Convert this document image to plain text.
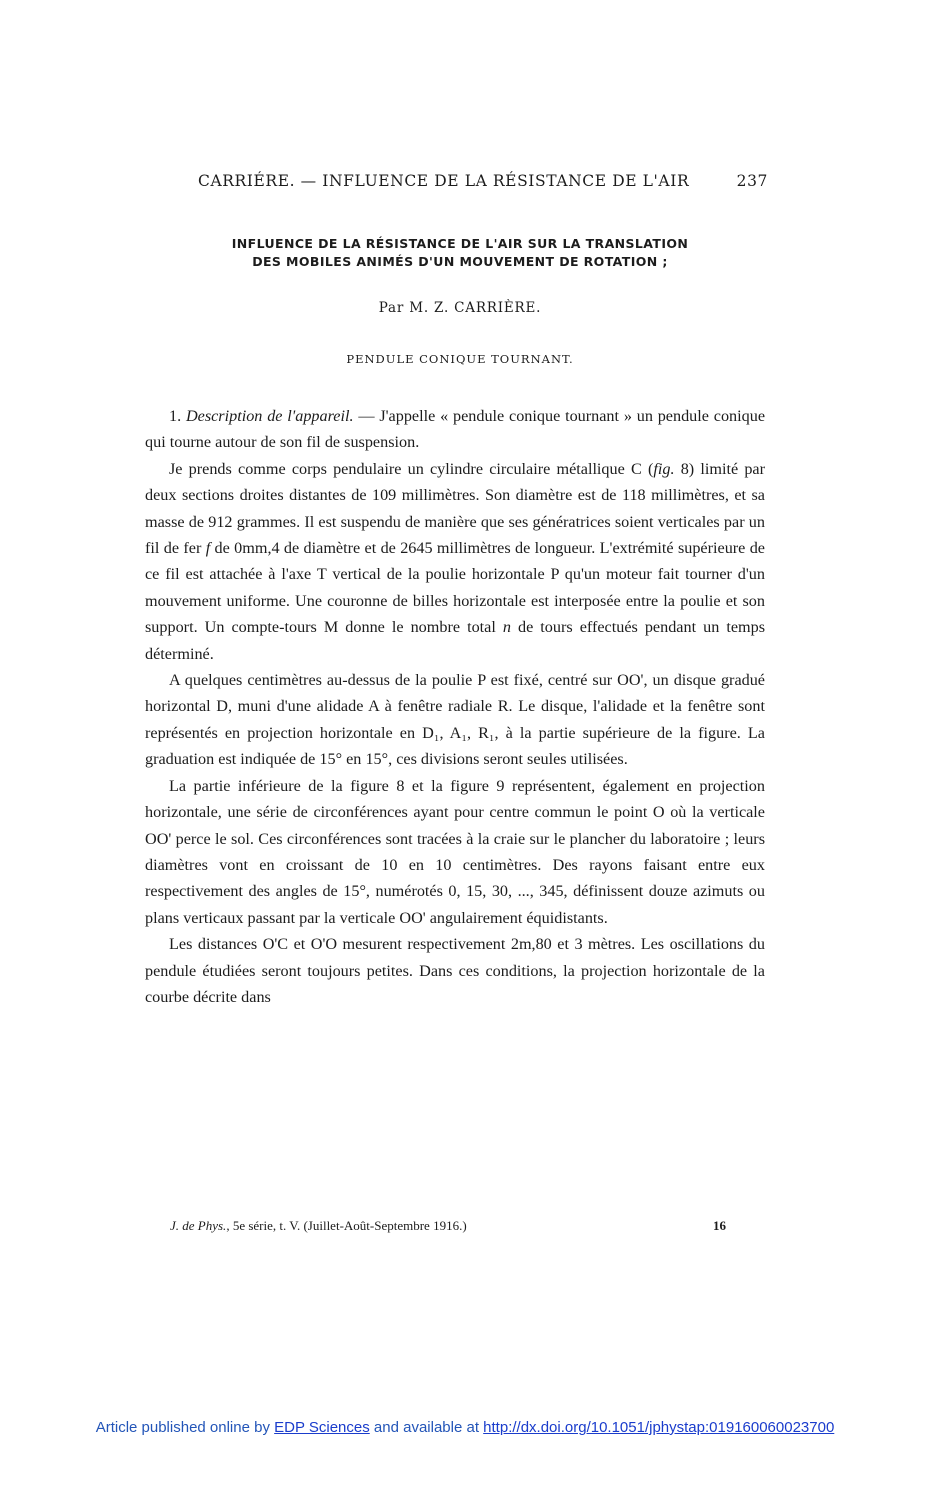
CARRIÉRE. — INFLUENCE DE LA RÉSISTANCE DE L'AIR	237
INFLUENCE DE LA RÉSISTANCE DE L'AIR SUR LA TRANSLATION
DES MOBILES ANIMÉS D'UN MOUVEMENT DE ROTATION ;
Par M. Z. CARRIÈRE.
PENDULE CONIQUE TOURNANT.

1. Description de l'appareil. — J'appelle « pendule conique tournant » un pendule conique qui tourne autour de son fil de suspension.

Je prends comme corps pendulaire un cylindre circulaire métallique C (fig. 8) limité par deux sections droites distantes de 109 millimètres. Son diamètre est de 118 millimètres, et sa masse de 912 grammes. Il est suspendu de manière que ses génératrices soient verticales par un fil de fer f de 0mm,4 de diamètre et de 2645 millimètres de longueur. L'extrémité supérieure de ce fil est attachée à l'axe T vertical de la poulie horizontale P qu'un moteur fait tourner d'un mouvement uniforme. Une couronne de billes horizontale est interposée entre la poulie et son support. Un compte-tours M donne le nombre total n de tours effectués pendant un temps déterminé.

A quelques centimètres au-dessus de la poulie P est fixé, centré sur OO', un disque gradué horizontal D, muni d'une alidade A à fenêtre radiale R. Le disque, l'alidade et la fenêtre sont représentés en projection horizontale en D₁, A₁, R₁, à la partie supérieure de la figure. La graduation est indiquée de 15° en 15°, ces divisions seront seules utilisées.

La partie inférieure de la figure 8 et la figure 9 représentent, également en projection horizontale, une série de circonférences ayant pour centre commun le point O où la verticale OO' perce le sol. Ces circonférences sont tracées à la craie sur le plancher du laboratoire ; leurs diamètres vont en croissant de 10 en 10 centimètres. Des rayons faisant entre eux respectivement des angles de 15°, numérotés 0, 15, 30, ..., 345, définissent douze azimuts ou plans verticaux passant par la verticale OO' angulairement équidistants.

Les distances O'C et O'O mesurent respectivement 2m,80 et 3 mètres. Les oscillations du pendule étudiées seront toujours petites. Dans ces conditions, la projection horizontale de la courbe décrite dans

J. de Phys., 5e série, t. V. (Juillet-Août-Septembre 1916.)	16
Article published online by EDP Sciences and available at http://dx.doi.org/10.1051/jphystap:019160060023700
